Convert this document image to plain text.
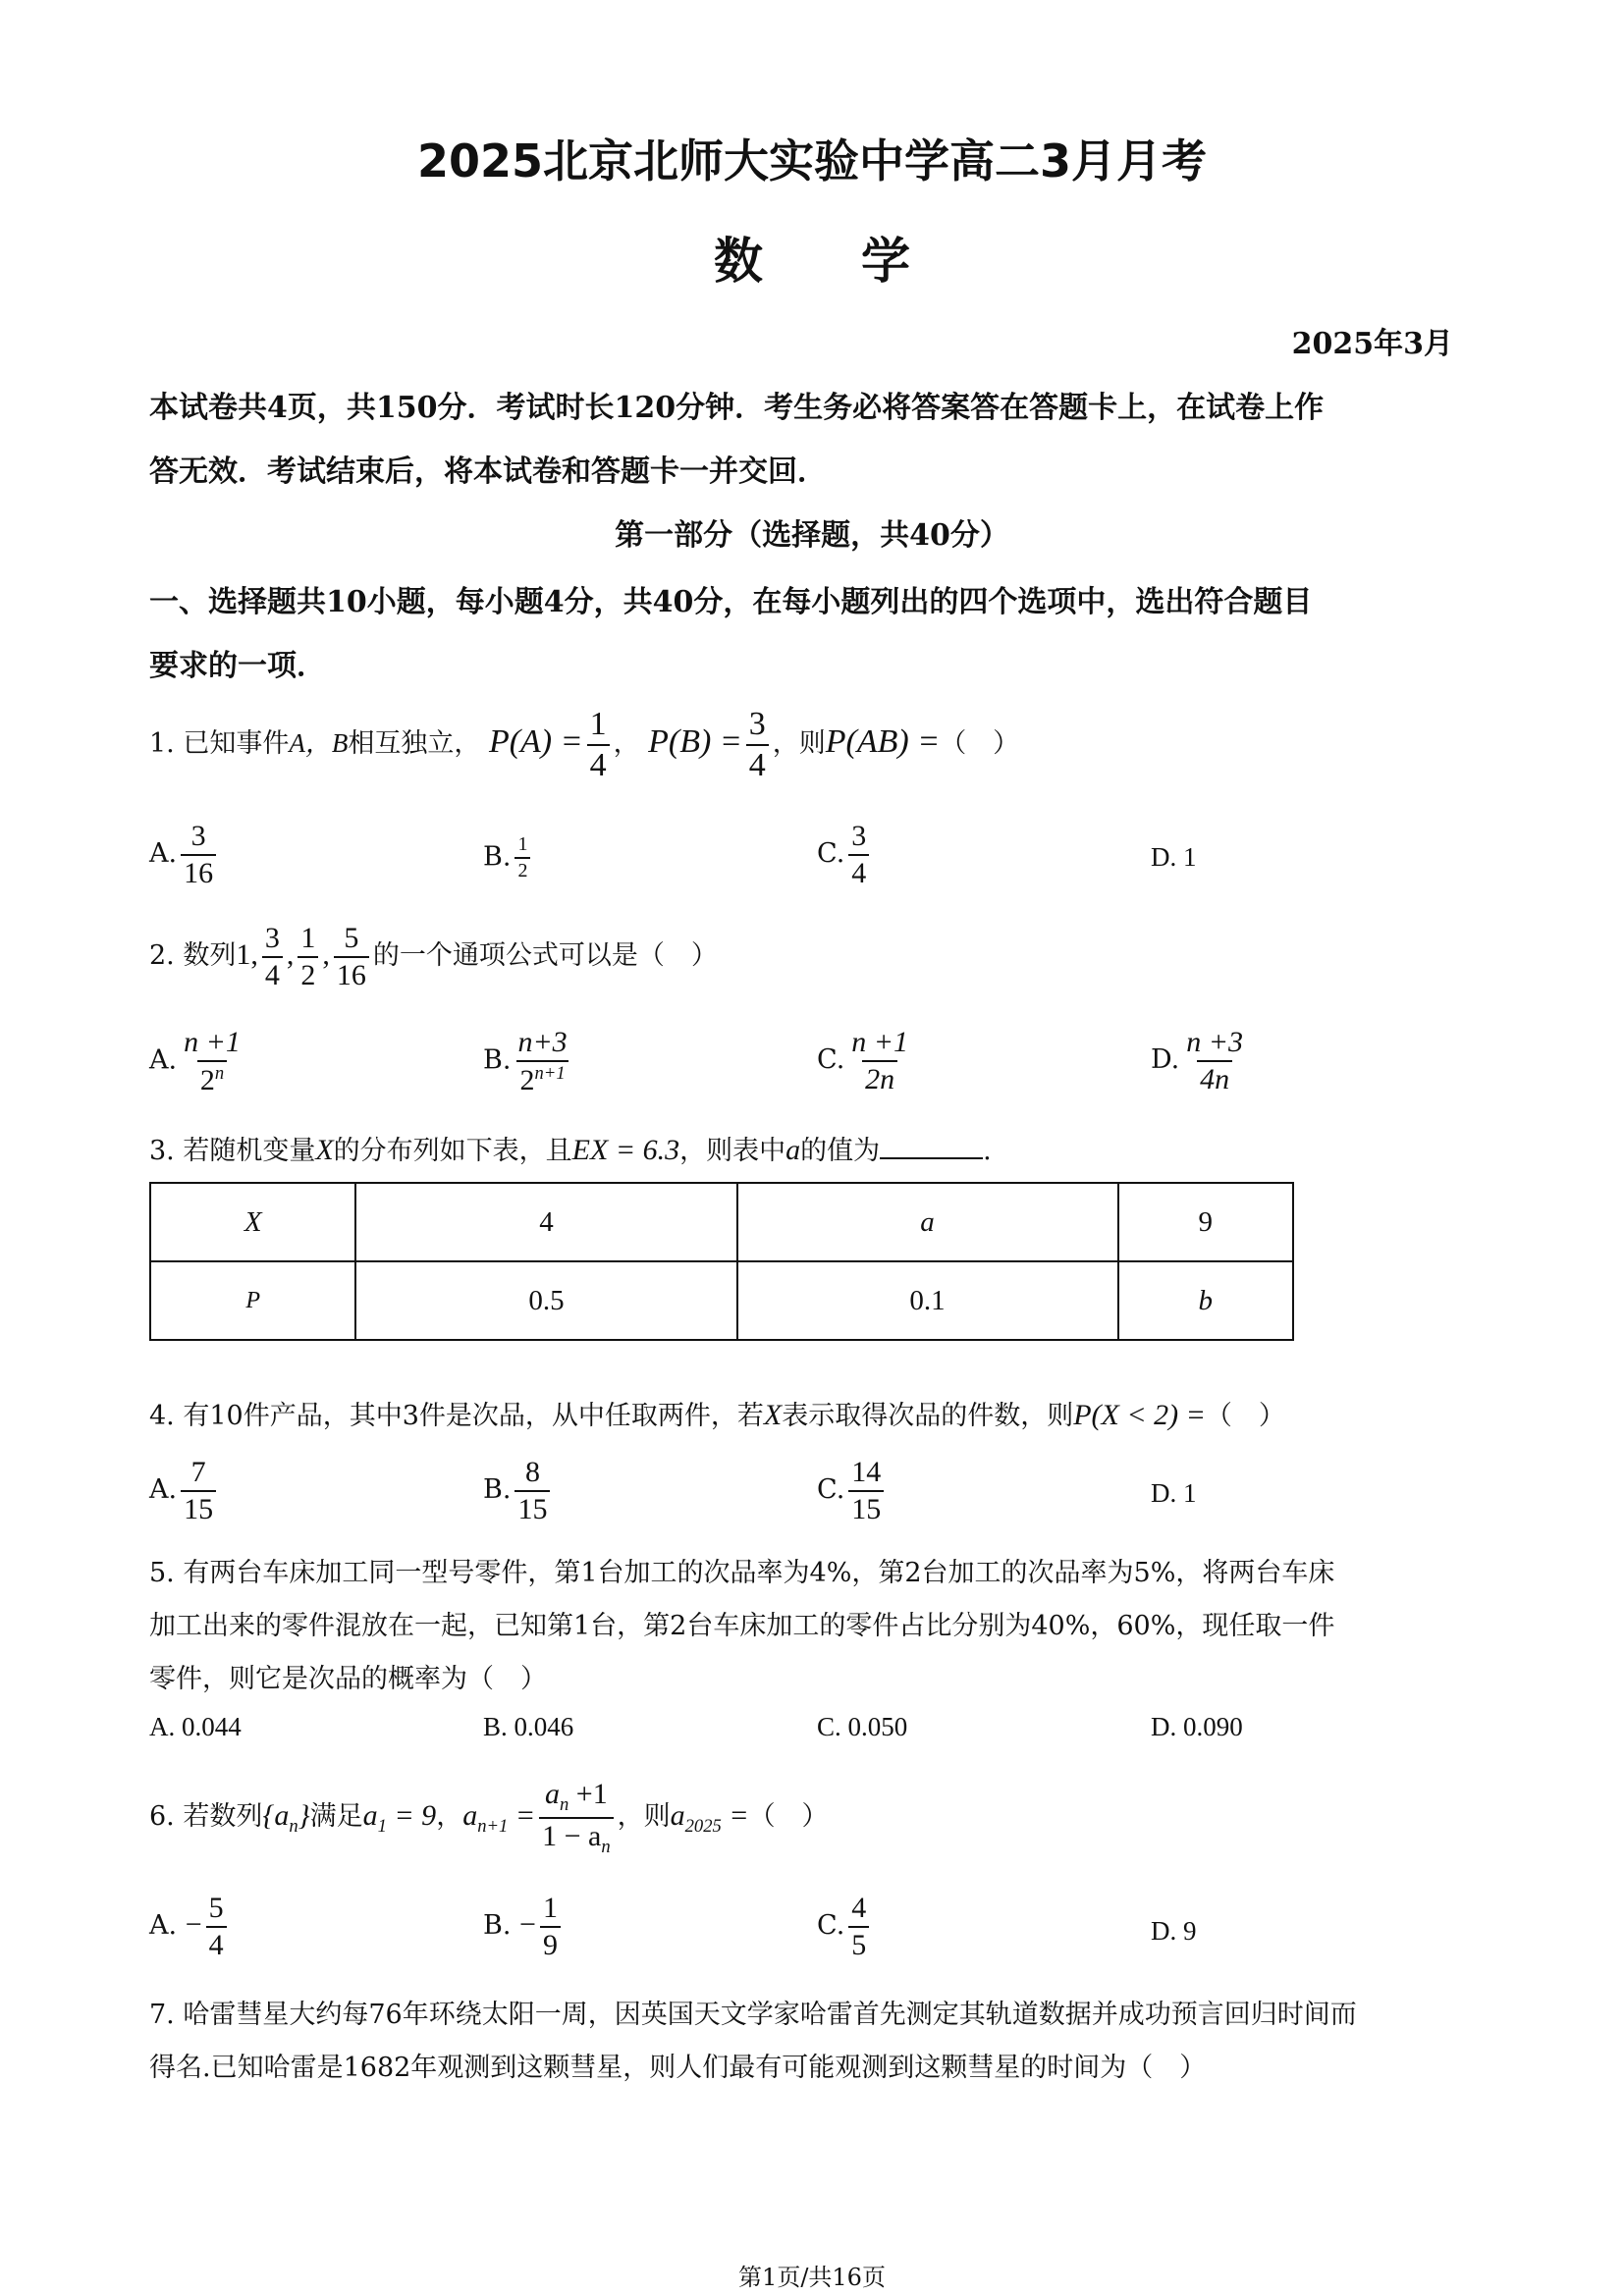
2025北京北师大实验中学高二3月月考
数　　学
2025年3月
本试卷共4页，共150分．考试时长120分钟．考生务必将答案答在答题卡上，在试卷上作
答无效．考试结束后，将本试卷和答题卡一并交回．
第一部分（选择题，共40分）
一、选择题共10小题，每小题4分，共40分，在每小题列出的四个选项中，选出符合题目
要求的一项．
1. 已知事件A，B相互独立， $P(A) = \frac{1}{4}$ ， $P(B) = \frac{3}{4}$ ，则P(AB) =（　）
A. $\frac{3}{16}$	B. $\frac{1}{2}$	C. $\frac{3}{4}$	D. 1
2. 数列1, $\frac{3}{4}$ , $\frac{1}{2}$ , $\frac{5}{16}$ 的一个通项公式可以是（　）
A. $\frac{n +1}{2^n}$	B. $\frac{n+3}{2^{n+1}}$	C. $\frac{n +1}{2n}$	D. $\frac{n +3}{4n}$
3. 若随机变量X的分布列如下表，且EX = 6.3，则表中a的值为	.
X	4	a	9
P	0.5	0.1	b
4. 有10件产品，其中3件是次品，从中任取两件，若X表示取得次品的件数，则P(X < 2) =（　）
A. $\frac{7}{15}$	B. $\frac{8}{15}$	C. $\frac{14}{15}$	D. 1
5. 有两台车床加工同一型号零件，第1台加工的次品率为4%，第2台加工的次品率为5%，将两台车床
加工出来的零件混放在一起，已知第1台，第2台车床加工的零件占比分别为40%，60%，现任取一件
零件，则它是次品的概率为（　）
A. 0.044	B. 0.046	C. 0.050	D. 0.090
6. 若数列$\{a_n\}$满足$a_1 = 9$，$a_{n+1} = \frac{a_n +1}{1 - a_n}$ ，则$a_{2025}$ =（　）
A. − $\frac{5}{4}$	B. − $\frac{1}{9}$	C. $\frac{4}{5}$	D. 9
7. 哈雷彗星大约每76年环绕太阳一周，因英国天文学家哈雷首先测定其轨道数据并成功预言回归时间而
得名.已知哈雷是1682年观测到这颗彗星，则人们最有可能观测到这颗彗星的时间为（　）
第1页/共16页
